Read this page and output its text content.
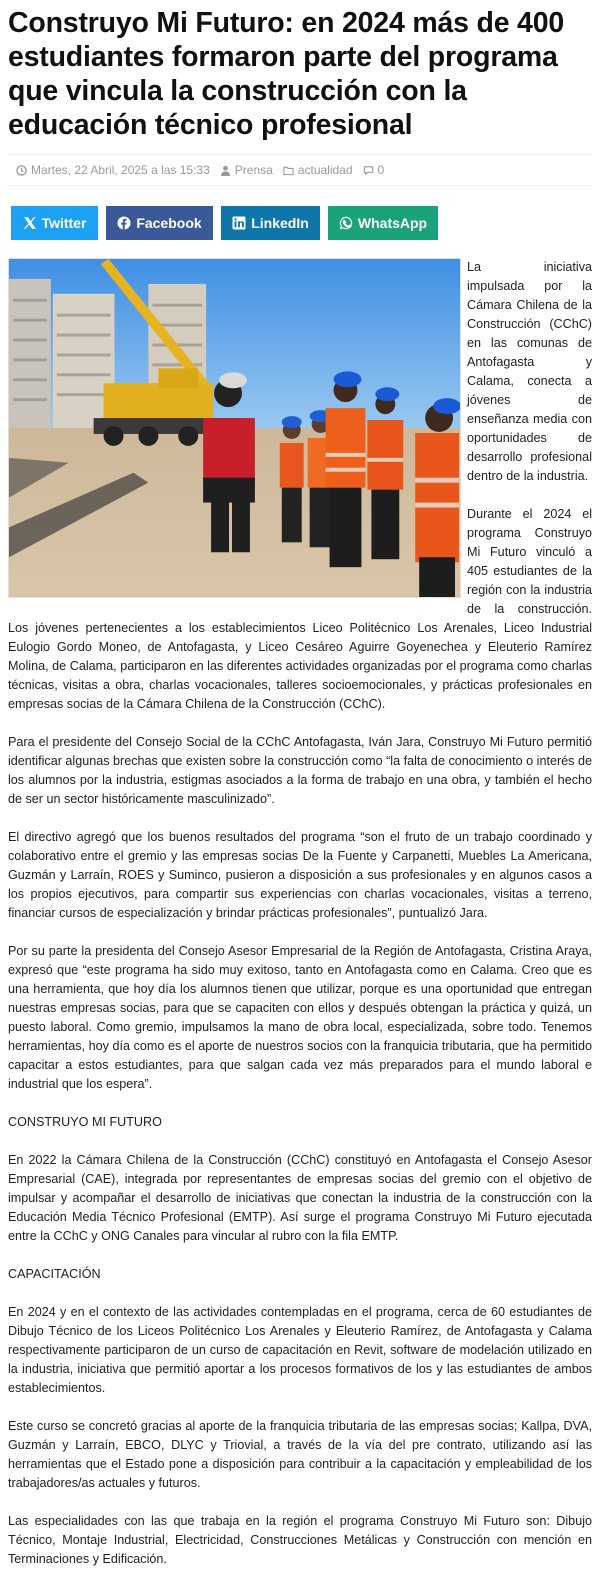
Construyo Mi Futuro: en 2024 más de 400 estudiantes formaron parte del programa que vincula la construcción con la educación técnico profesional
Martes, 22 Abril, 2025 a las 15:33 Prensa actualidad 0
Twitter	Facebook	LinkedIn	WhatsApp

La iniciativa impulsada por la Cámara Chilena de la Construcción (CChC) en las comunas de Antofagasta y Calama, conecta a jóvenes de enseñanza media con oportunidades de desarrollo profesional dentro de la industria.

Durante el 2024 el programa Construyo Mi Futuro vinculó a 405 estudiantes de la región con la industria de la construcción. Los jóvenes pertenecientes a los establecimientos Liceo Politécnico Los Arenales, Liceo Industrial Eulogio Gordo Moneo, de Antofagasta, y Liceo Cesáreo Aguirre Goyenechea y Eleuterio Ramírez Molina, de Calama, participaron en las diferentes actividades organizadas por el programa como charlas técnicas, visitas a obra, charlas vocacionales, talleres socioemocionales, y prácticas profesionales en empresas socias de la Cámara Chilena de la Construcción (CChC).

Para el presidente del Consejo Social de la CChC Antofagasta, Iván Jara, Construyo Mi Futuro permitió identificar algunas brechas que existen sobre la construcción como “la falta de conocimiento o interés de los alumnos por la industria, estigmas asociados a la forma de trabajo en una obra, y también el hecho de ser un sector históricamente masculinizado”.

El directivo agregó que los buenos resultados del programa “son el fruto de un trabajo coordinado y colaborativo entre el gremio y las empresas socias De la Fuente y Carpanetti, Muebles La Americana, Guzmán y Larraín, ROES y Suminco, pusieron a disposición a sus profesionales y en algunos casos a los propios ejecutivos, para compartir sus experiencias con charlas vocacionales, visitas a terreno, financiar cursos de especialización y brindar prácticas profesionales”, puntualizó Jara.

Por su parte la presidenta del Consejo Asesor Empresarial de la Región de Antofagasta, Cristina Araya, expresó que “este programa ha sido muy exitoso, tanto en Antofagasta como en Calama. Creo que es una herramienta, que hoy día los alumnos tienen que utilizar, porque es una oportunidad que entregan nuestras empresas socias, para que se capaciten con ellos y después obtengan la práctica y quizá, un puesto laboral. Como gremio, impulsamos la mano de obra local, especializada, sobre todo. Tenemos herramientas, hoy día como es el aporte de nuestros socios con la franquicia tributaria, que ha permitido capacitar a estos estudiantes, para que salgan cada vez más preparados para el mundo laboral e industrial que los espera”.

CONSTRUYO MI FUTURO

En 2022 la Cámara Chilena de la Construcción (CChC) constituyó en Antofagasta el Consejo Asesor Empresarial (CAE), integrada por representantes de empresas socias del gremio con el objetivo de impulsar y acompañar el desarrollo de iniciativas que conectan la industria de la construcción con la Educación Media Técnico Profesional (EMTP). Así surge el programa Construyo Mi Futuro ejecutada entre la CChC y ONG Canales para vincular al rubro con la fila EMTP.

CAPACITACIÓN

En 2024 y en el contexto de las actividades contempladas en el programa, cerca de 60 estudiantes de Dibujo Técnico de los Liceos Politécnico Los Arenales y Eleuterio Ramírez, de Antofagasta y Calama respectivamente participaron de un curso de capacitación en Revit, software de modelación utilizado en la industria, iniciativa que permitió aportar a los procesos formativos de los y las estudiantes de ambos establecimientos.

Este curso se concretó gracias al aporte de la franquicia tributaria de las empresas socias; Kallpa, DVA, Guzmán y Larraín, EBCO, DLYC y Triovial, a través de la vía del pre contrato, utilizando así las herramientas que el Estado pone a disposición para contribuir a la capacitación y empleabilidad de los trabajadores/as actuales y futuros.

Las especialidades con las que trabaja en la región el programa Construyo Mi Futuro son: Dibujo Técnico, Montaje Industrial, Electricidad, Construcciones Metálicas y Construcción con mención en Terminaciones y Edificación.
